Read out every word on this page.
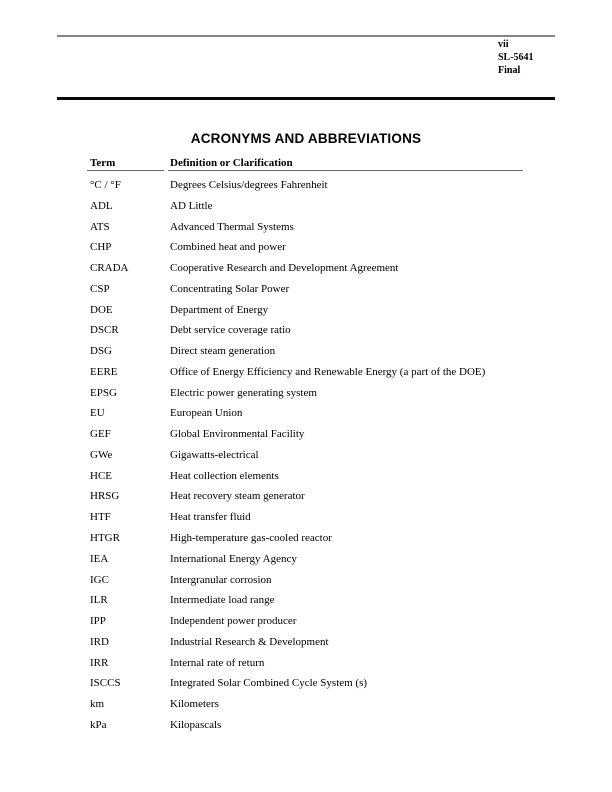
vii
SL-5641
Final
ACRONYMS AND ABBREVIATIONS
Term	Definition or Clarification
°C / °F	Degrees Celsius/degrees Fahrenheit
ADL	AD Little
ATS	Advanced Thermal Systems
CHP	Combined heat and power
CRADA	Cooperative Research and Development Agreement
CSP	Concentrating Solar Power
DOE	Department of Energy
DSCR	Debt service coverage ratio
DSG	Direct steam generation
EERE	Office of Energy Efficiency and Renewable Energy (a part of the DOE)
EPSG	Electric power generating system
EU	European Union
GEF	Global Environmental Facility
GWe	Gigawatts-electrical
HCE	Heat collection elements
HRSG	Heat recovery steam generator
HTF	Heat transfer fluid
HTGR	High-temperature gas-cooled reactor
IEA	International Energy Agency
IGC	Intergranular corrosion
ILR	Intermediate load range
IPP	Independent power producer
IRD	Industrial Research & Development
IRR	Internal rate of return
ISCCS	Integrated Solar Combined Cycle System (s)
km	Kilometers
kPa	Kilopascals
